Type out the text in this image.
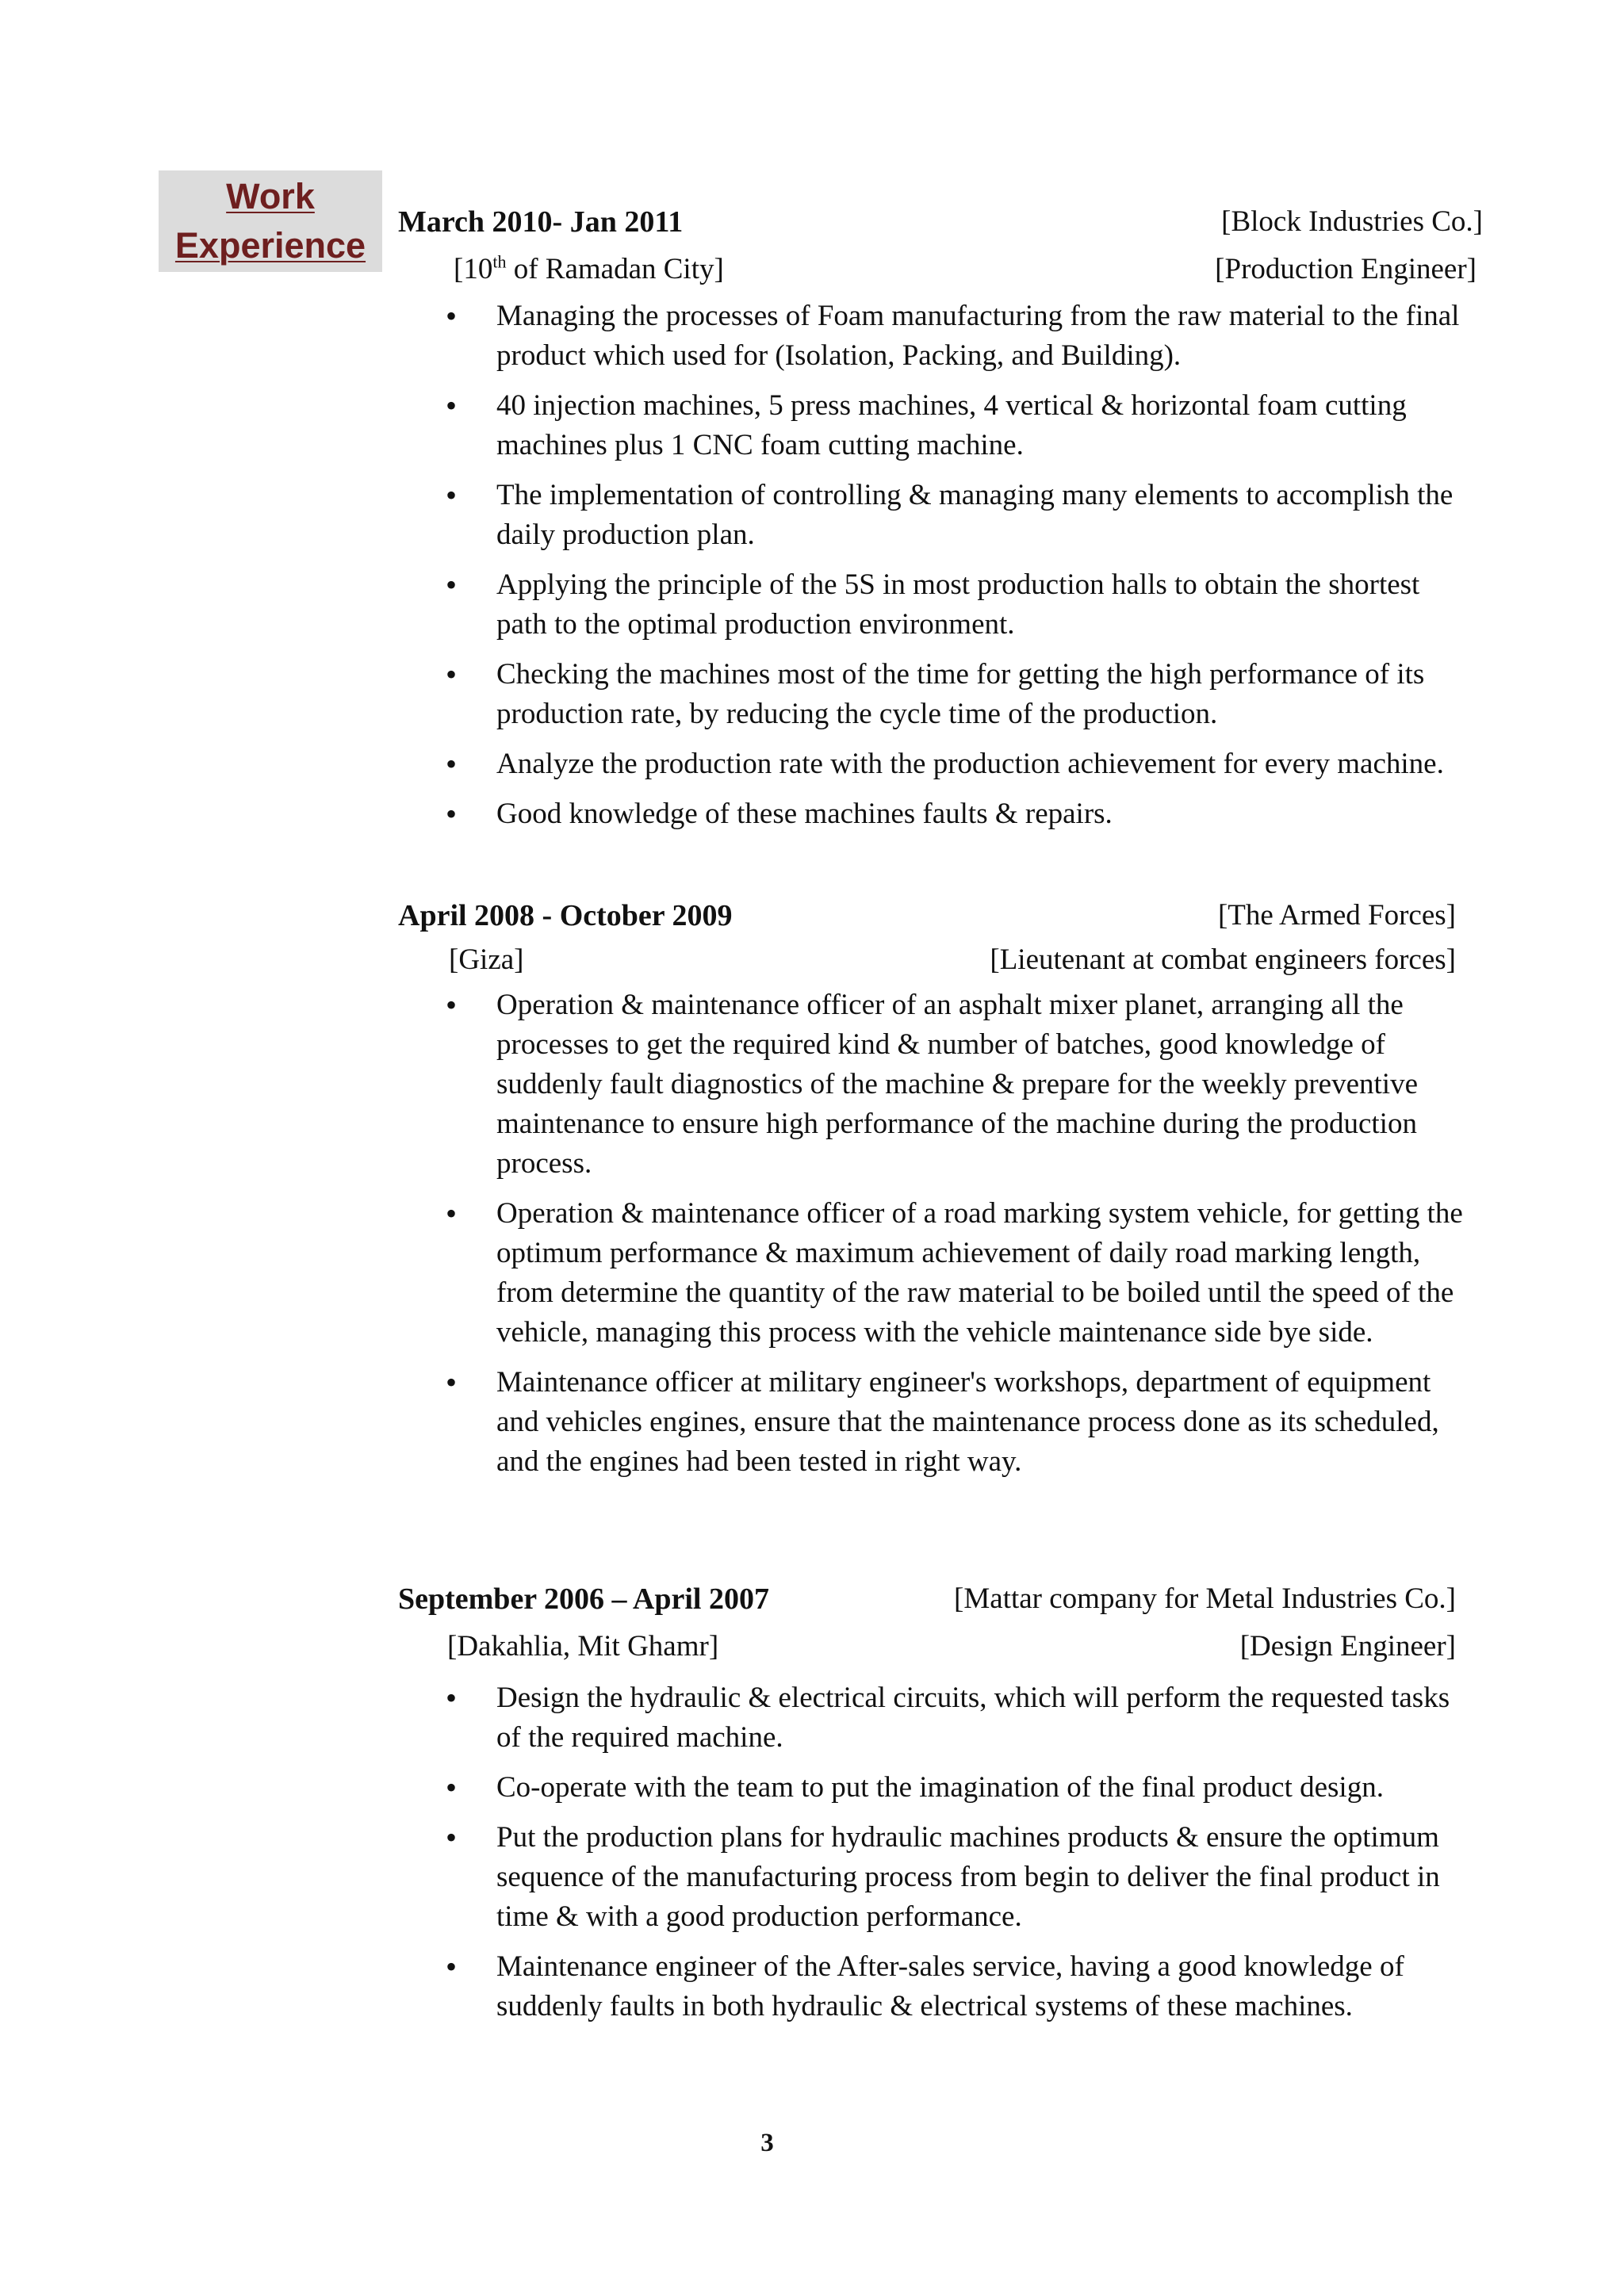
Work
Experience
March 2010- Jan 2011	[Block Industries Co.]
[10th of Ramadan City]	[Production Engineer]
• Managing the processes of Foam manufacturing from the raw material to the final product which used for (Isolation, Packing, and Building).
• 40 injection machines, 5 press machines, 4 vertical & horizontal foam cutting machines plus 1 CNC foam cutting machine.
• The implementation of controlling & managing many elements to accomplish the daily production plan.
• Applying the principle of the 5S in most production halls to obtain the shortest path to the optimal production environment.
• Checking the machines most of the time for getting the high performance of its production rate, by reducing the cycle time of the production.
• Analyze the production rate with the production achievement for every machine.
• Good knowledge of these machines faults & repairs.
April 2008 - October 2009	[The Armed Forces]
[Giza]	[Lieutenant at combat engineers forces]
• Operation & maintenance officer of an asphalt mixer planet, arranging all the processes to get the required kind & number of batches, good knowledge of suddenly fault diagnostics of the machine & prepare for the weekly preventive maintenance to ensure high performance of the machine during the production process.
• Operation & maintenance officer of a road marking system vehicle, for getting the optimum performance & maximum achievement of daily road marking length, from determine the quantity of the raw material to be boiled until the speed of the vehicle, managing this process with the vehicle maintenance side bye side.
• Maintenance officer at military engineer's workshops, department of equipment and vehicles engines, ensure that the maintenance process done as its scheduled, and the engines had been tested in right way.
September 2006 – April 2007	[Mattar company for Metal Industries Co.]
[Dakahlia, Mit Ghamr]	[Design Engineer]
• Design the hydraulic & electrical circuits, which will perform the requested tasks of the required machine.
• Co-operate with the team to put the imagination of the final product design.
• Put the production plans for hydraulic machines products & ensure the optimum sequence of the manufacturing process from begin to deliver the final product in time & with a good production performance.
• Maintenance engineer of the After-sales service, having a good knowledge of suddenly faults in both hydraulic & electrical systems of these machines.
3
